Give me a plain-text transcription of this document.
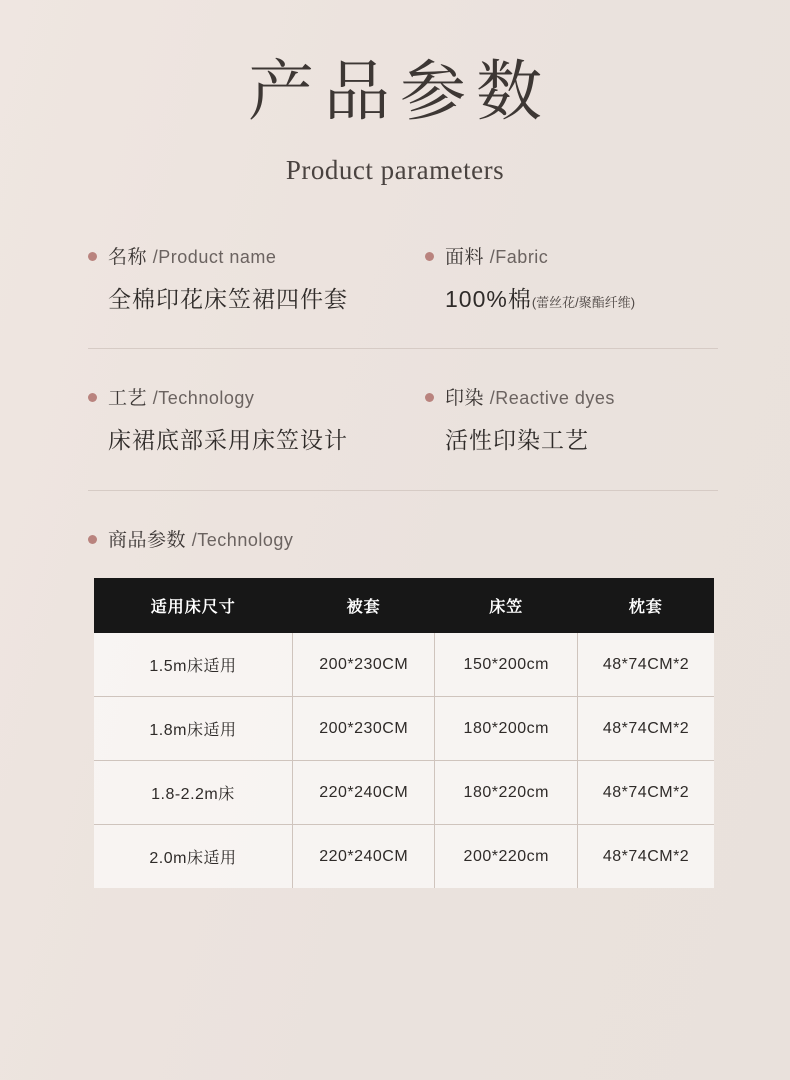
产品参数
Product parameters
名称 /Product name
全棉印花床笠裙四件套
面料 /Fabric
100%棉(蕾丝花/聚酯纤维)
工艺 /Technology
床裙底部采用床笠设计
印染 /Reactive dyes
活性印染工艺
商品参数 /Technology
适用床尺寸	被套	床笠	枕套
1.5m床适用	200*230CM	150*200cm	48*74CM*2
1.8m床适用	200*230CM	180*200cm	48*74CM*2
1.8-2.2m床	220*240CM	180*220cm	48*74CM*2
2.0m床适用	220*240CM	200*220cm	48*74CM*2
